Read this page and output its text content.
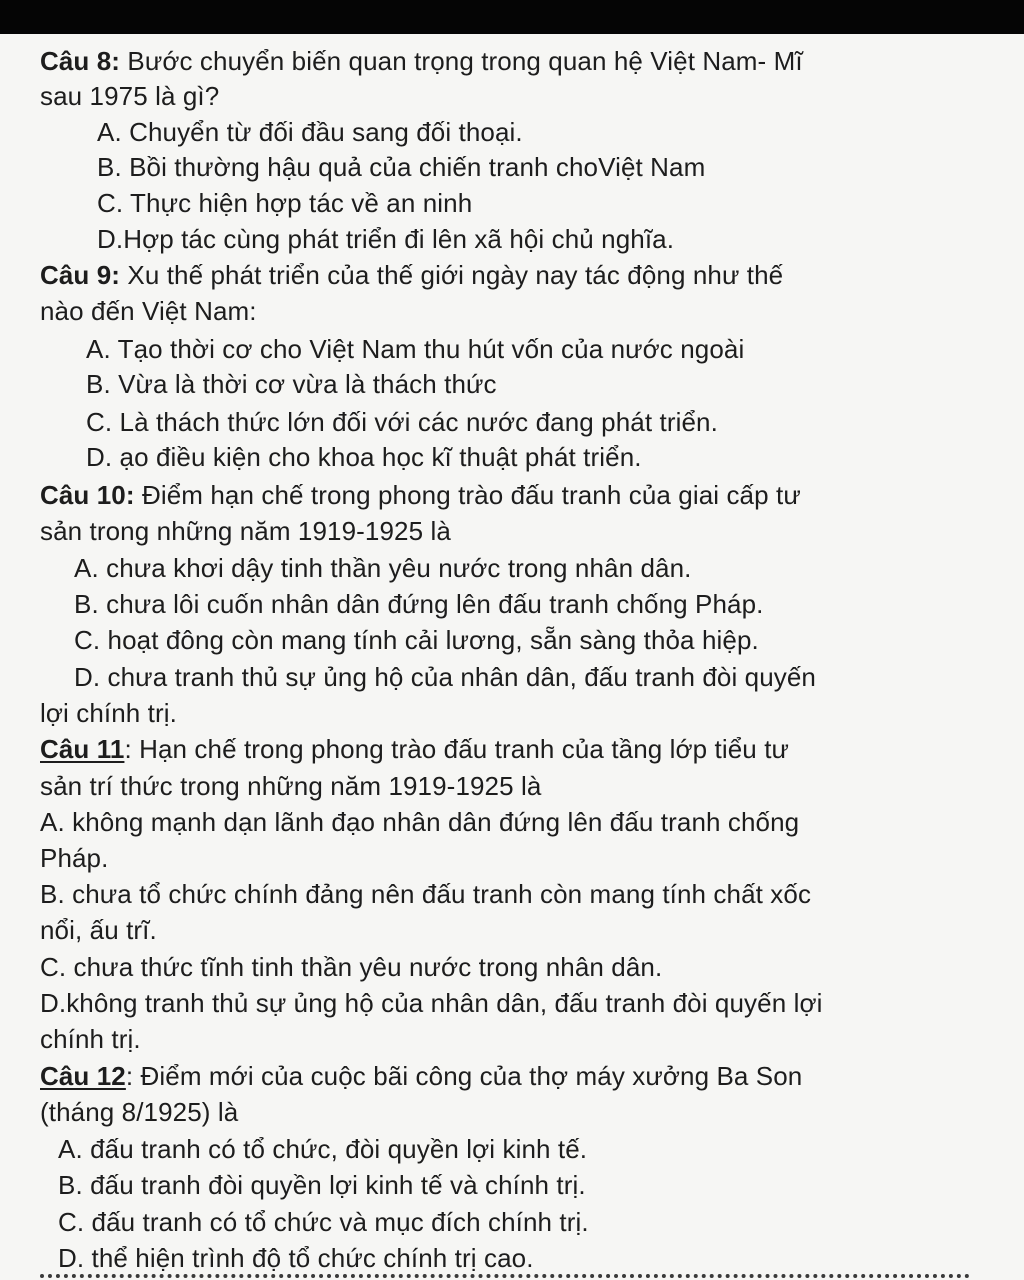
Câu 8: Bước chuyển biến quan trọng trong quan hệ Việt Nam- Mĩ
sau 1975 là gì?
A. Chuyển từ đối đầu sang đối thoại.
B. Bồi thường hậu quả của chiến tranh choViệt Nam
C. Thực hiện hợp tác về an ninh
D.Hợp tác cùng phát triển đi lên xã hội chủ nghĩa.
Câu 9: Xu thế phát triển của thế giới ngày nay tác động như thế
nào đến Việt Nam:
A. Tạo thời cơ cho Việt Nam thu hút vốn của nước ngoài
B. Vừa là thời cơ vừa là thách thức
C. Là thách thức lớn đối với các nước đang phát triển.
D. ạo điều kiện cho khoa học kĩ thuật phát triển.
Câu 10: Điểm hạn chế trong phong trào đấu tranh của giai cấp tư
sản trong những năm 1919-1925 là
A. chưa khơi dậy tinh thần yêu nước trong nhân dân.
B. chưa lôi cuốn nhân dân đứng lên đấu tranh chống Pháp.
C. hoạt đông còn mang tính cải lương, sẵn sàng thỏa hiệp.
D. chưa tranh thủ sự ủng hộ của nhân dân, đấu tranh đòi quyến
lợi chính trị.
Câu 11: Hạn chế trong phong trào đấu tranh của tầng lớp tiểu tư
sản trí thức trong những năm 1919-1925 là
A. không mạnh dạn lãnh đạo nhân dân đứng lên đấu tranh chống
Pháp.
B. chưa tổ chức chính đảng nên đấu tranh còn mang tính chất xốc
nổi, ấu trĩ.
C. chưa thức tĩnh tinh thần yêu nước trong nhân dân.
D.không tranh thủ sự ủng hộ của nhân dân, đấu tranh đòi quyến lợi
chính trị.
Câu 12: Điểm mới của cuộc bãi công của thợ máy xưởng Ba Son
(tháng 8/1925) là
A. đấu tranh có tổ chức, đòi quyền lợi kinh tế.
B. đấu tranh đòi quyền lợi kinh tế và chính trị.
C. đấu tranh có tổ chức và mục đích chính trị.
D. thể hiện trình độ tổ chức chính trị cao.
